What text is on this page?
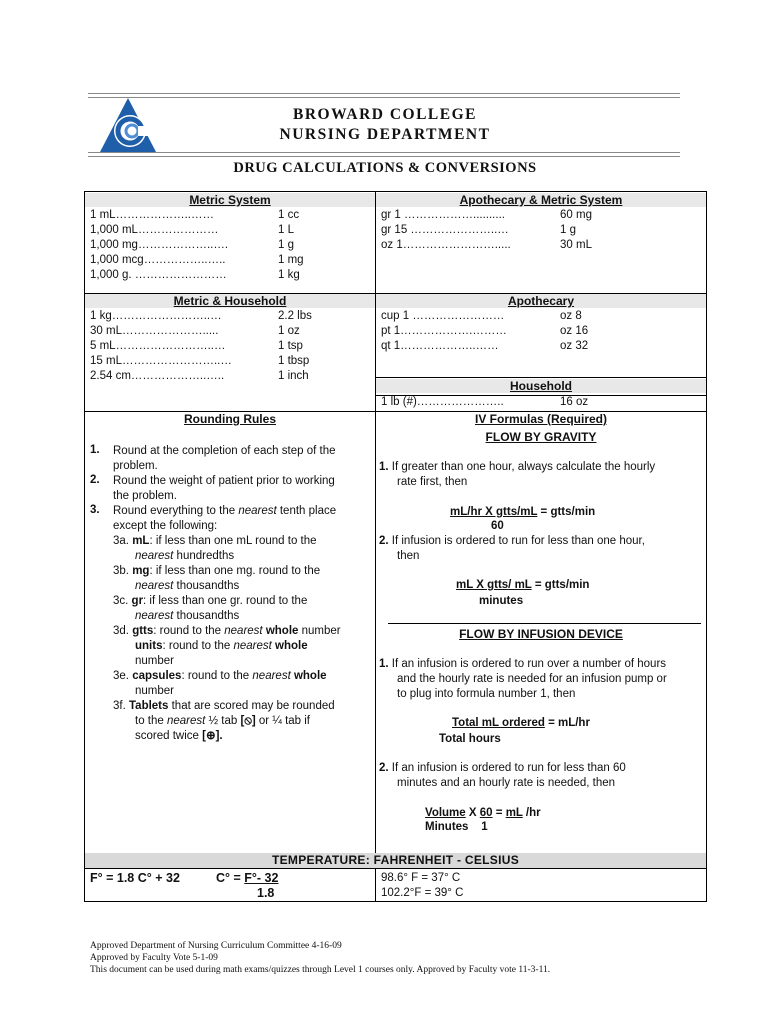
BROWARD COLLEGE
NURSING DEPARTMENT
DRUG CALCULATIONS & CONVERSIONS
Metric System
1 mL………………..……	1 cc
1,000 mL…………………	1 L
1,000 mg………………..….	1 g
1,000 mcg……………..…..	1 mg
1,000 g. ……………………	1 kg
Apothecary & Metric System
gr 1 ………………..........	60 mg
gr 15 …………………..…	1 g
oz 1…………………….....	30 mL
Metric & Household
1 kg……………………..…	2.2 lbs
30 mL………………….....	1 oz
5 mL……………………..…	1 tsp
15 mL……………………..…	1 tbsp
2.54 cm………………..…..	1 inch
Apothecary
cup 1 ……………………	oz 8
pt 1……………….………	oz 16
qt 1………………..……	oz 32
Household
1 lb (#)…………………..	16 oz
Rounding Rules
1. Round at the completion of each step of the
problem.
2. Round the weight of patient prior to working
the problem.
3. Round everything to the nearest tenth place
except the following:
3a. mL: if less than one mL round to the
nearest hundredths
3b. mg: if less than one mg. round to the
nearest thousandths
3c. gr: if less than one gr. round to the
nearest thousandths
3d. gtts: round to the nearest whole number
units: round to the nearest whole
number
3e. capsules: round to the nearest whole
number
3f. Tablets that are scored may be rounded
to the nearest ½ tab [⦸] or ¼ tab if
scored twice [⊕].
IV Formulas (Required)
FLOW BY GRAVITY
1. If greater than one hour, always calculate the hourly
rate first, then
mL/hr X gtts/mL = gtts/min
60
2. If infusion is ordered to run for less than one hour,
then
mL X gtts/ mL = gtts/min
minutes
FLOW BY INFUSION DEVICE
1. If an infusion is ordered to run over a number of hours
and the hourly rate is needed for an infusion pump or
to plug into formula number 1, then
Total mL ordered = mL/hr
Total hours
2. If an infusion is ordered to run for less than 60
minutes and an hourly rate is needed, then
Volume X 60 = mL /hr
Minutes 1
TEMPERATURE: FAHRENHEIT - CELSIUS
F° = 1.8 C° + 32	C° = F°- 32
1.8
98.6° F = 37° C
102.2°F = 39° C
Approved Department of Nursing Curriculum Committee 4-16-09
Approved by Faculty Vote 5-1-09
This document can be used during math exams/quizzes through Level 1 courses only. Approved by Faculty vote 11-3-11.
